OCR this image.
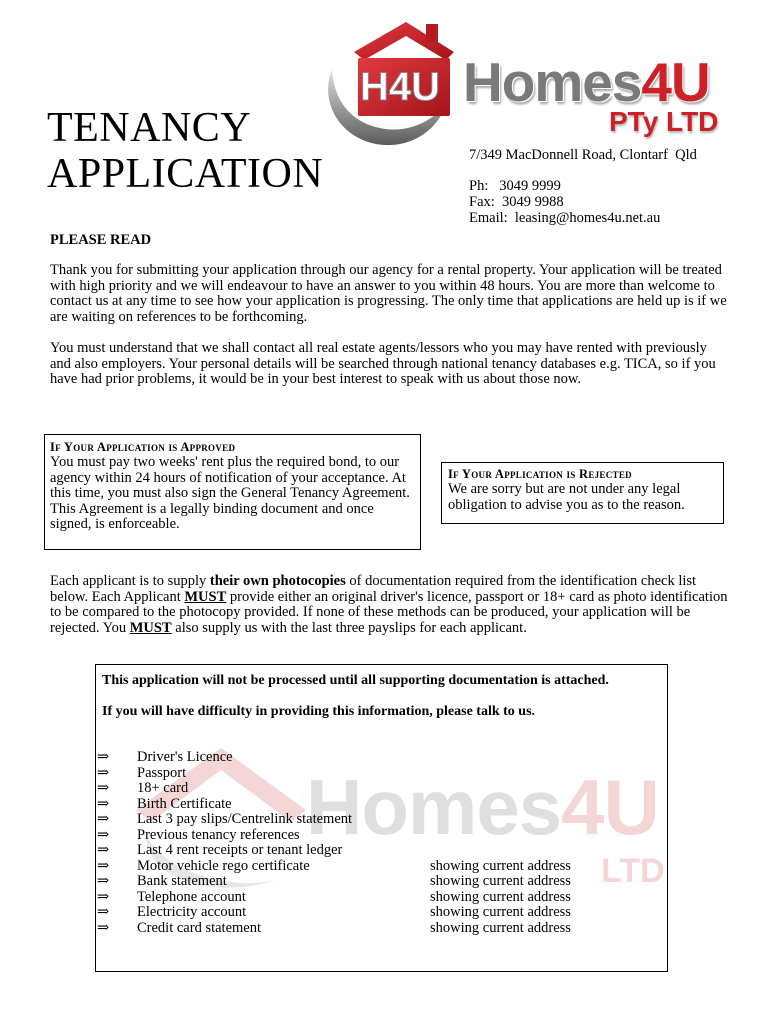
H4U Homes4U
PTy LTD
TENANCY
APPLICATION	7/349 MacDonnell Road, Clontarf  Qld
Ph:   3049 9999
Fax:  3049 9988
Email:  leasing@homes4u.net.au
PLEASE READ
Thank you for submitting your application through our agency for a rental property. Your application will be treated with high priority and we will endeavour to have an answer to you within 48 hours. You are more than welcome to contact us at any time to see how your application is progressing. The only time that applications are held up is if we are waiting on references to be forthcoming.
You must understand that we shall contact all real estate agents/lessors who you may have rented with previously and also employers. Your personal details will be searched through national tenancy databases e.g. TICA, so if you have had prior problems, it would be in your best interest to speak with us about those now.
If Your Application is Approved
You must pay two weeks' rent plus the required bond, to our agency within 24 hours of notification of your acceptance. At this time, you must also sign the General Tenancy Agreement. This Agreement is a legally binding document and once signed, is enforceable.
If Your Application is Rejected
We are sorry but are not under any legal obligation to advise you as to the reason.
Each applicant is to supply their own photocopies of documentation required from the identification check list below. Each Applicant MUST provide either an original driver's licence, passport or 18+ card as photo identification to be compared to the photocopy provided. If none of these methods can be produced, your application will be rejected. You MUST also supply us with the last three payslips for each applicant.
This application will not be processed until all supporting documentation is attached.
If you will have difficulty in providing this information, please talk to us.
⇒	Driver's Licence
⇒	Passport
⇒	18+ card
⇒	Birth Certificate
⇒	Last 3 pay slips/Centrelink statement
⇒	Previous tenancy references
⇒	Last 4 rent receipts or tenant ledger
⇒	Motor vehicle rego certificate	showing current address
⇒	Bank statement	showing current address
⇒	Telephone account	showing current address
⇒	Electricity account	showing current address
⇒	Credit card statement	showing current address
